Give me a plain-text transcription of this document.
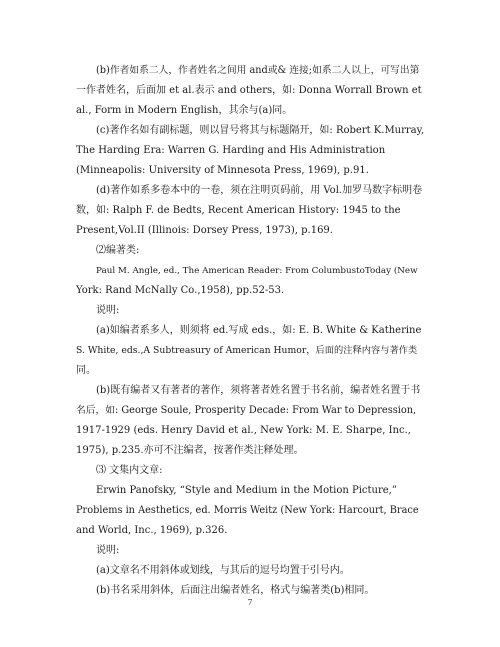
(b)作者如系二人，作者姓名之间用 and或& 连接;如系二人以上，可写出第
一作者姓名，后面加 et al.表示 and others，如: Donna Worrall Brown et
al., Form in Modern English，其余与(a)同。
(c)著作名如有副标题，则以冒号将其与标题隔开，如: Robert K.Murray,
The Harding Era: Warren G. Harding and His Administration
(Minneapolis: University of Minnesota Press, 1969), p.91.
(d)著作如系多卷本中的一卷，须在注明页码前，用 Vol.加罗马数字标明卷
数，如: Ralph F. de Bedts, Recent American History: 1945 to the
Present,Vol.II (Illinois: Dorsey Press, 1973), p.169.
⑵编著类:
Paul M. Angle, ed., The American Reader: From ColumbustoToday (New
York: Rand McNally Co.,1958), pp.52-53.
说明:
(a)如编者系多人，则须将 ed.写成 eds.，如: E. B. White & Katherine
S. White, eds.,A Subtreasury of American Humor，后面的注释内容与著作类
同。
(b)既有编者又有著者的著作，须将著者姓名置于书名前，编者姓名置于书
名后，如: George Soule, Prosperity Decade: From War to Depression,
1917-1929 (eds. Henry David et al., New York: M. E. Sharpe, Inc.,
1975), p.235.亦可不注编者，按著作类注释处理。
⑶ 文集内文章:
Erwin Panofsky, “Style and Medium in the Motion Picture,”
Problems in Aesthetics, ed. Morris Weitz (New York: Harcourt, Brace
and World, Inc., 1969), p.326.
说明:
(a)文章名不用斜体或划线，与其后的逗号均置于引号内。
(b)书名采用斜体，后面注出编者姓名，格式与编著类(b)相同。
7
